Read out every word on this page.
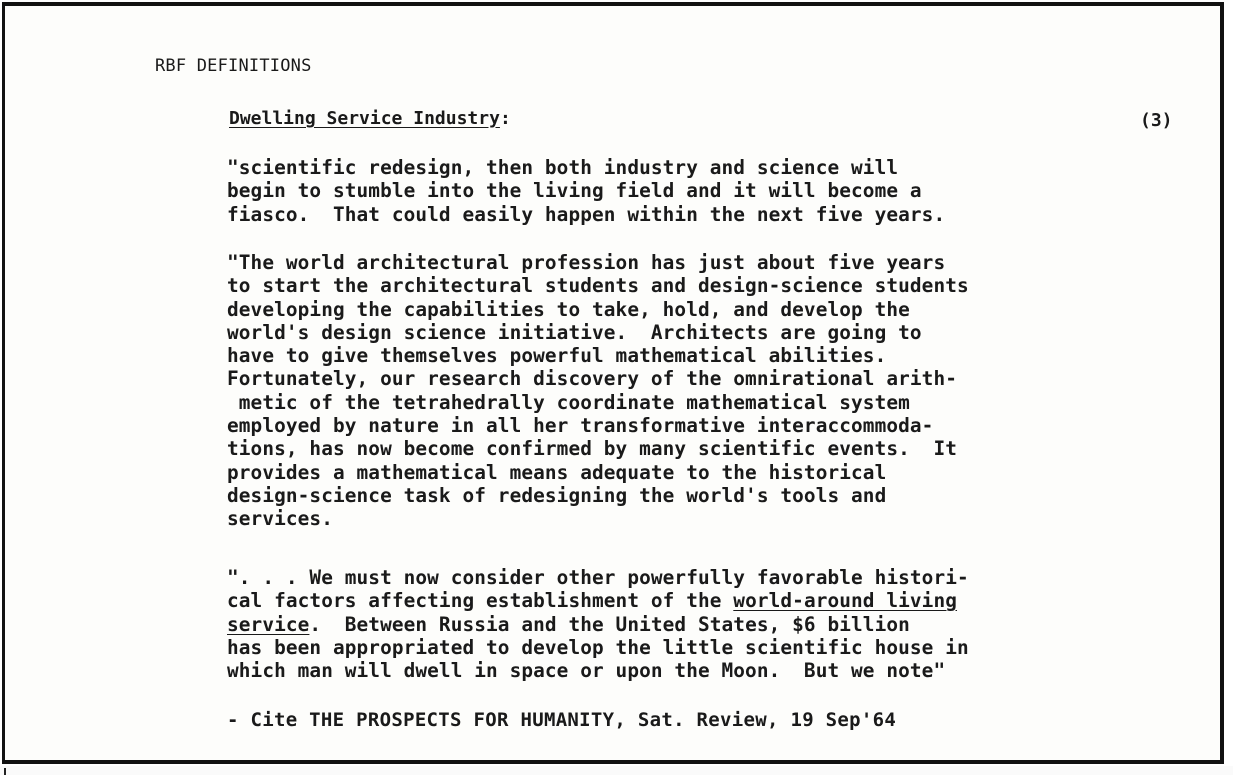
RBF DEFINITIONS
Dwelling Service Industry:	(3)
"scientific redesign, then both industry and science will
begin to stumble into the living field and it will become a
fiasco.  That could easily happen within the next five years.
"The world architectural profession has just about five years
to start the architectural students and design-science students
developing the capabilities to take, hold, and develop the
world's design science initiative.  Architects are going to
have to give themselves powerful mathematical abilities.
Fortunately, our research discovery of the omnirational arith-
metic of the tetrahedrally coordinate mathematical system
employed by nature in all her transformative interaccommoda-
tions, has now become confirmed by many scientific events.  It
provides a mathematical means adequate to the historical
design-science task of redesigning the world's tools and
services.
". . . We must now consider other powerfully favorable histori-
cal factors affecting establishment of the world-around living
service.  Between Russia and the United States, $6 billion
has been appropriated to develop the little scientific house in
which man will dwell in space or upon the Moon.  But we note"
- Cite THE PROSPECTS FOR HUMANITY, Sat. Review, 19 Sep'64
